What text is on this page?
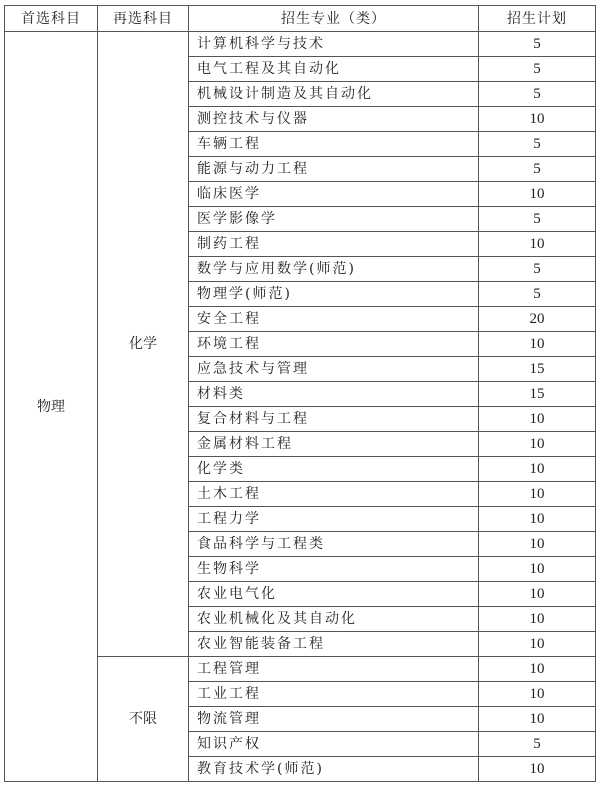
首选科目	再选科目	招生专业（类）	招生计划
物理	化学	计算机科学与技术	5
		电气工程及其自动化	5
		机械设计制造及其自动化	5
		测控技术与仪器	10
		车辆工程	5
		能源与动力工程	5
		临床医学	10
		医学影像学	5
		制药工程	10
		数学与应用数学(师范)	5
		物理学(师范)	5
		安全工程	20
		环境工程	10
		应急技术与管理	15
		材料类	15
		复合材料与工程	10
		金属材料工程	10
		化学类	10
		土木工程	10
		工程力学	10
		食品科学与工程类	10
		生物科学	10
		农业电气化	10
		农业机械化及其自动化	10
		农业智能装备工程	10
	不限	工程管理	10
		工业工程	10
		物流管理	10
		知识产权	5
		教育技术学(师范)	10
